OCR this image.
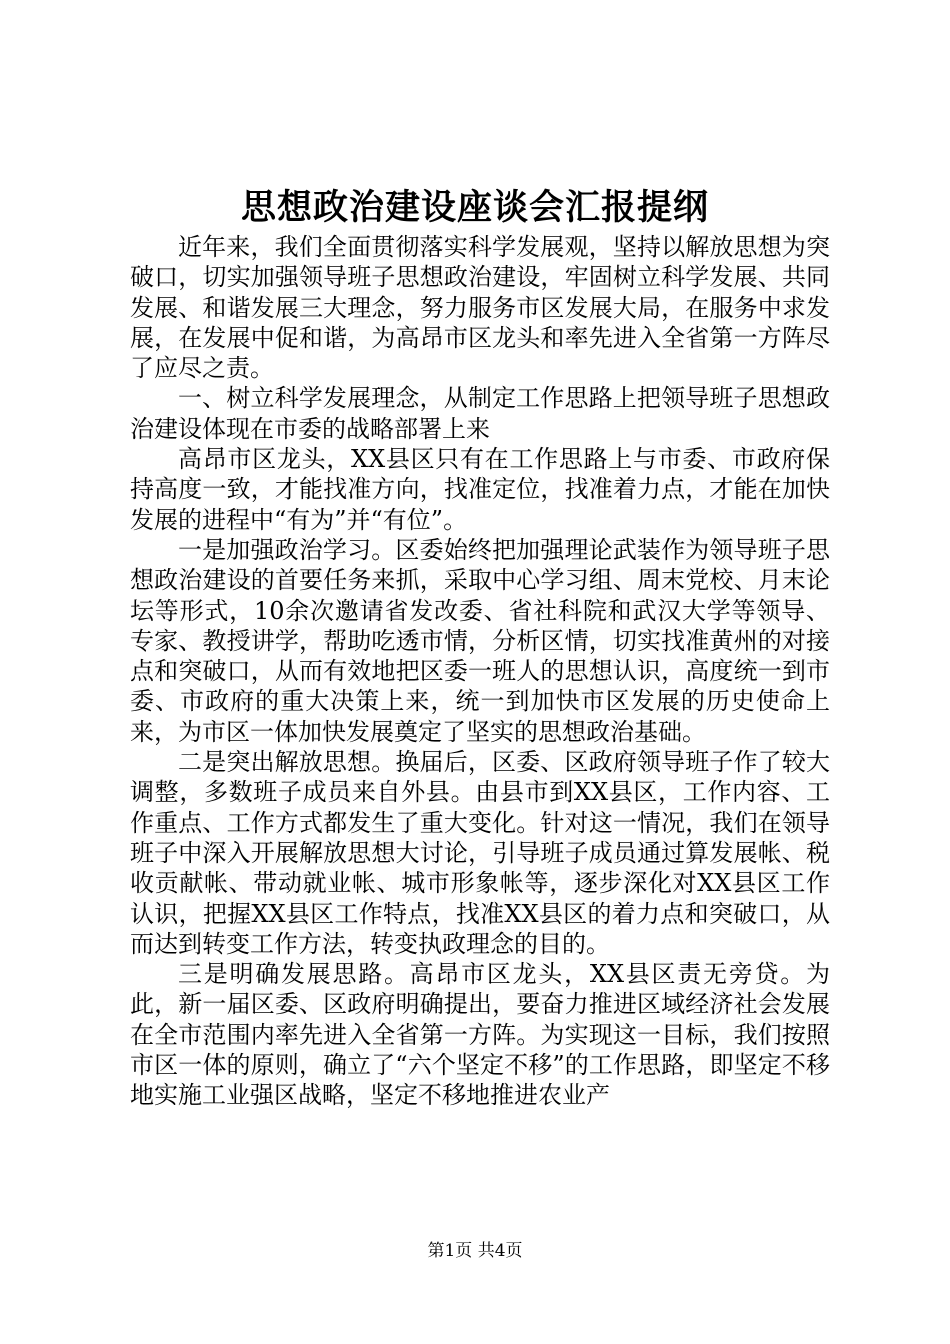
思想政治建设座谈会汇报提纲

近年来，我们全面贯彻落实科学发展观，坚持以解放思想为突破口，切实加强领导班子思想政治建设，牢固树立科学发展、共同发展、和谐发展三大理念，努力服务市区发展大局，在服务中求发展，在发展中促和谐，为高昂市区龙头和率先进入全省第一方阵尽了应尽之责。

一、树立科学发展理念，从制定工作思路上把领导班子思想政治建设体现在市委的战略部署上来

高昂市区龙头，XX县区只有在工作思路上与市委、市政府保持高度一致，才能找准方向，找准定位，找准着力点，才能在加快发展的进程中“有为”并“有位”。

一是加强政治学习。区委始终把加强理论武装作为领导班子思想政治建设的首要任务来抓，采取中心学习组、周末党校、月末论坛等形式，10余次邀请省发改委、省社科院和武汉大学等领导、专家、教授讲学，帮助吃透市情，分析区情，切实找准黄州的对接点和突破口，从而有效地把区委一班人的思想认识，高度统一到市委、市政府的重大决策上来，统一到加快市区发展的历史使命上来，为市区一体加快发展奠定了坚实的思想政治基础。

二是突出解放思想。换届后，区委、区政府领导班子作了较大调整，多数班子成员来自外县。由县市到XX县区，工作内容、工作重点、工作方式都发生了重大变化。针对这一情况，我们在领导班子中深入开展解放思想大讨论，引导班子成员通过算发展帐、税收贡献帐、带动就业帐、城市形象帐等，逐步深化对XX县区工作认识，把握XX县区工作特点，找准XX县区的着力点和突破口，从而达到转变工作方法，转变执政理念的目的。

三是明确发展思路。高昂市区龙头，XX县区责无旁贷。为此，新一届区委、区政府明确提出，要奋力推进区域经济社会发展在全市范围内率先进入全省第一方阵。为实现这一目标，我们按照市区一体的原则，确立了“六个坚定不移”的工作思路，即坚定不移地实施工业强区战略，坚定不移地推进农业产

第1页 共4页
